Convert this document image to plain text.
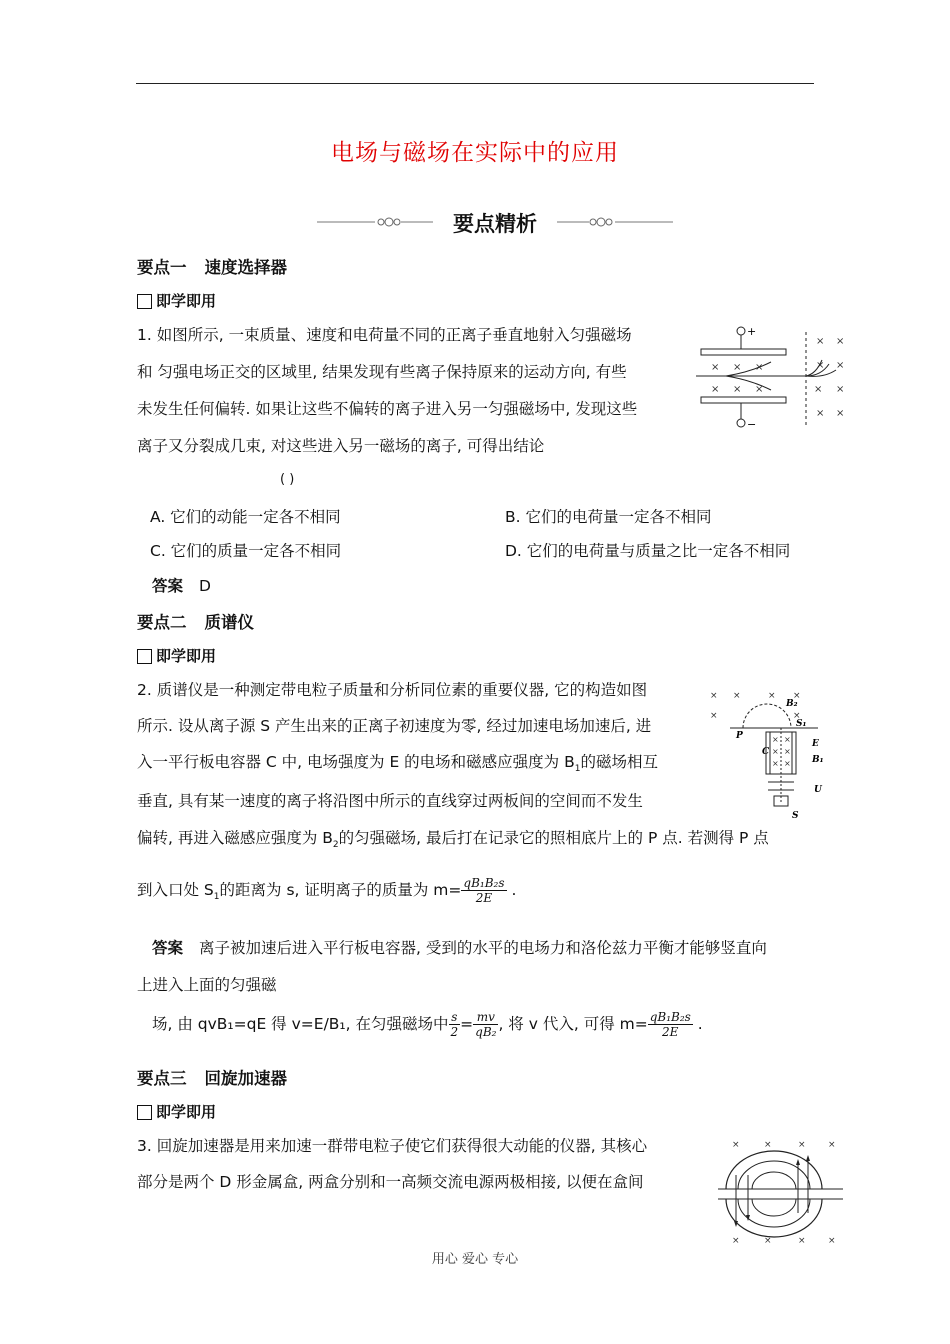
电场与磁场在实际中的应用
要点精析
要点一 速度选择器
即学即用
1. 如图所示, 一束质量、速度和电荷量不同的正离子垂直地射入匀强磁场
和 匀强电场正交的区域里, 结果发现有些离子保持原来的运动方向, 有些
未发生任何偏转. 如果让这些不偏转的离子进入另一匀强磁场中, 发现这些
离子又分裂成几束, 对这些进入另一磁场的离子, 可得出结论
( )
A. 它们的动能一定各不相同	B. 它们的电荷量一定各不相同
C. 它们的质量一定各不相同	D. 它们的电荷量与质量之比一定各不相同
答案 D
+
−
× × ×
× × ×
× ×
× ×
× ×
× ×
要点二 质谱仪
即学即用
2. 质谱仪是一种测定带电粒子质量和分析同位素的重要仪器, 它的构造如图
所示. 设从离子源 S 产生出来的正离子初速度为零, 经过加速电场加速后, 进
入一平行板电容器 C 中, 电场强度为 E 的电场和磁感应强度为 $B_1$的磁场相互
垂直, 具有某一速度的离子将沿图中所示的直线穿过两板间的空间而不发生
偏转, 再进入磁感应强度为 $B_2$的匀强磁场, 最后打在记录它的照相底片上的 P 点. 若测得 P 点
到入口处 $S_1$的距离为 s, 证明离子的质量为 $m= \frac{\text{qB₁B₂s}}{2E}$ .
答案 离子被加速后进入平行板电容器, 受到的水平的电场力和洛伦兹力平衡才能够竖直向
上进入上面的匀强磁
场, 由 qvB₁=qE 得 v=E/B₁, 在匀强磁场中 $\frac{s}{2} = \frac{mv}{\text{qB₂}}$ , 将 v 代入, 可得 $m= \frac{\text{qB₁B₂s}}{2E}$ .
× ×	× ×
×	×
B₂
P
S₁
C
E
B₁
U
S
× ×
× ×
× ×
要点三 回旋加速器
即学即用
3. 回旋加速器是用来加速一群带电粒子使它们获得很大动能的仪器, 其核心
部分是两个 D 形金属盒, 两盒分别和一高频交流电源两极相接, 以便在盒间
×	×	× ×
×	×	× ×
用心 爱心 专心
